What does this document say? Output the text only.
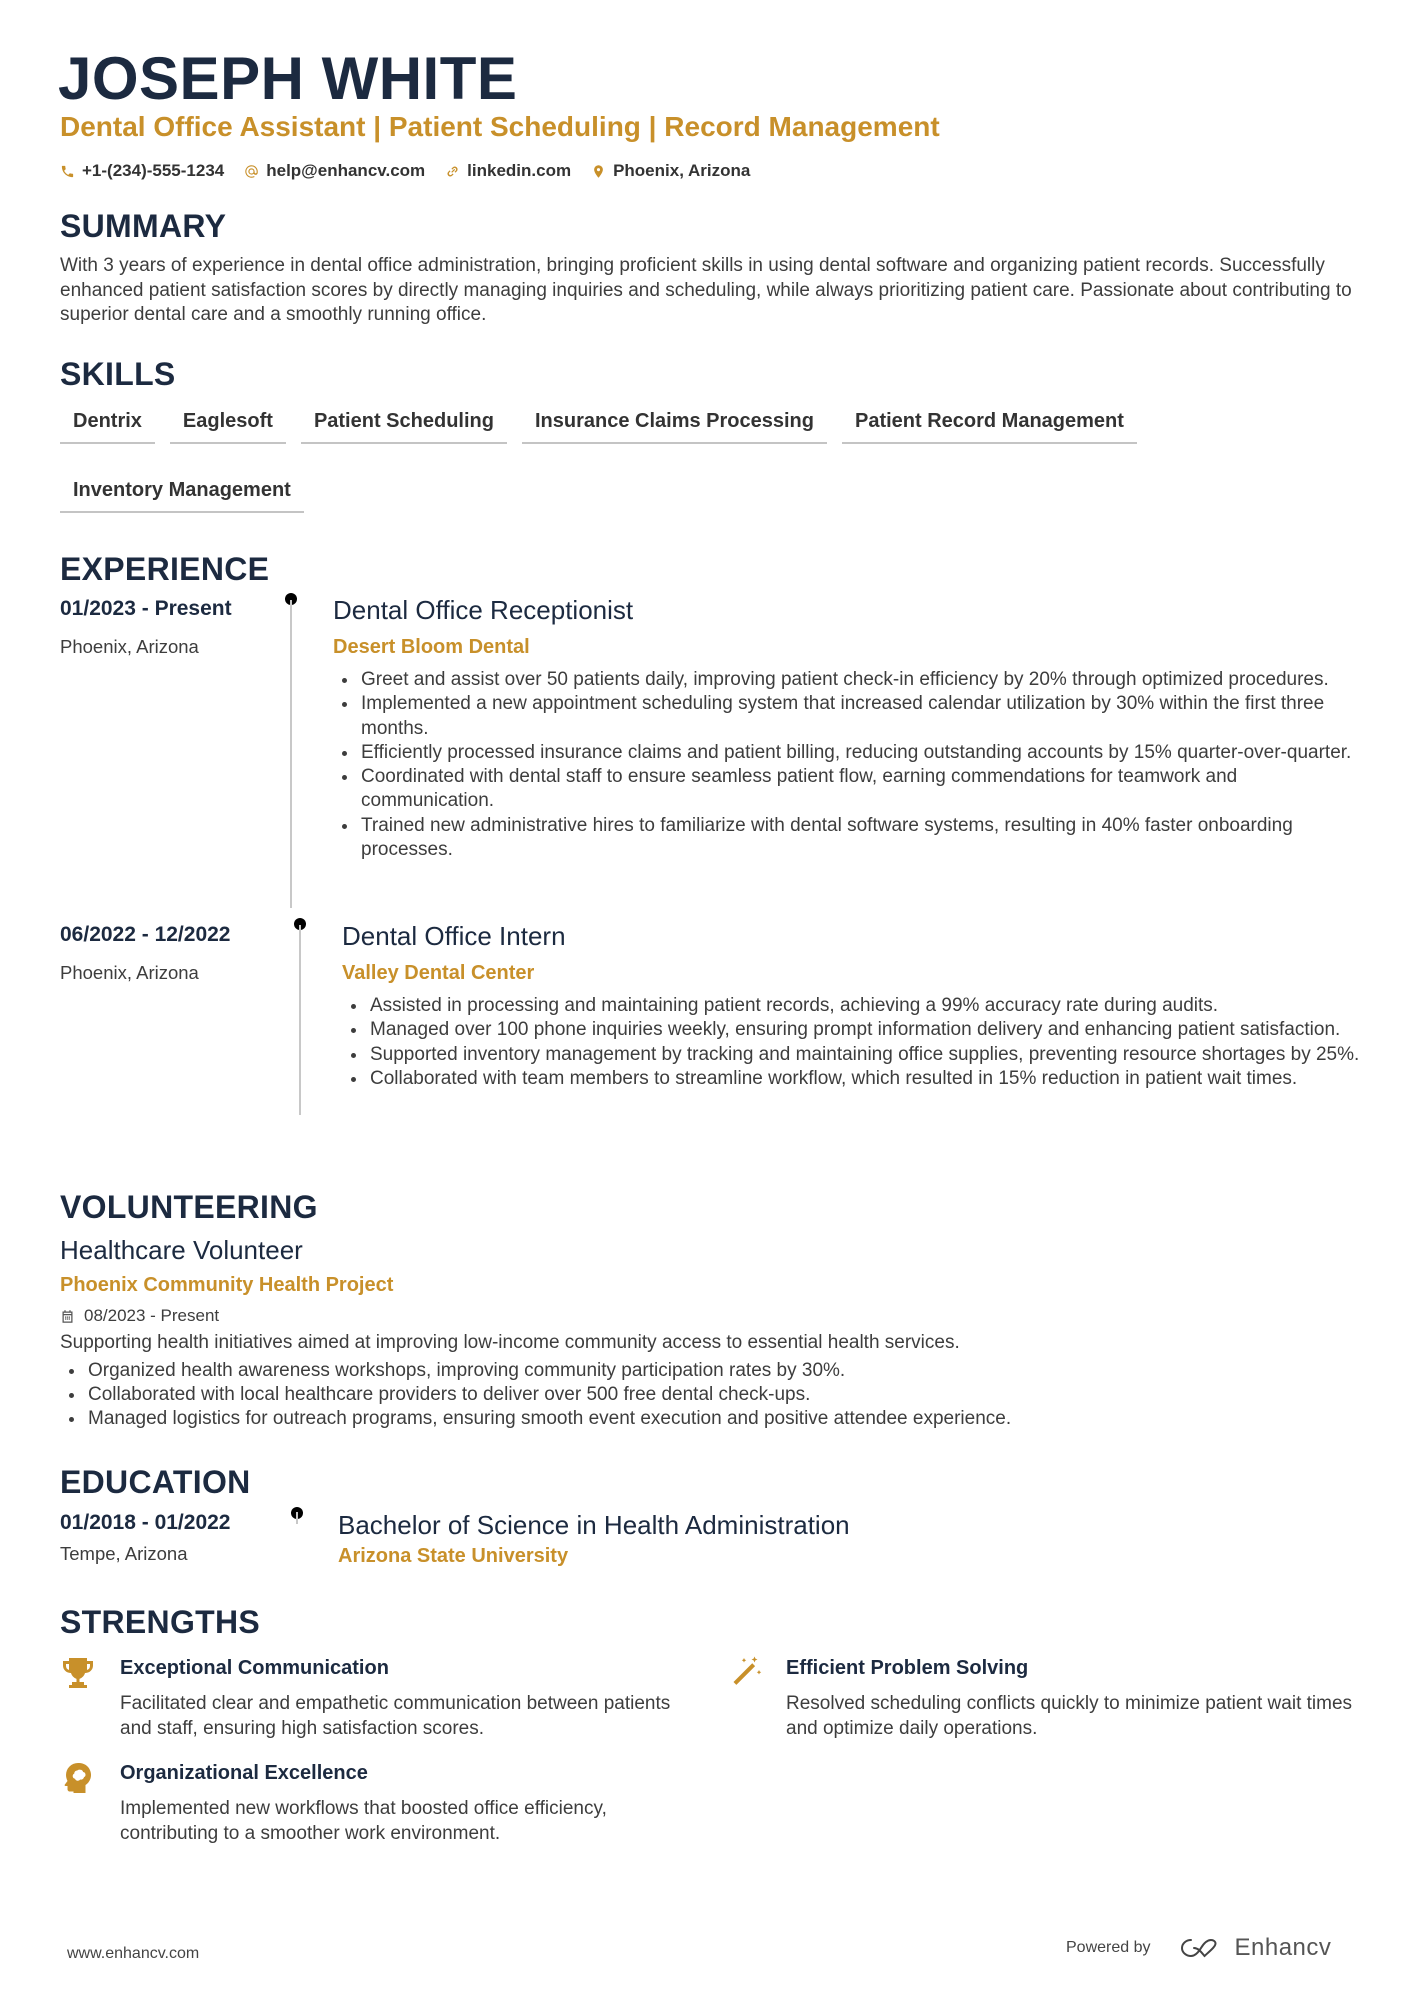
JOSEPH WHITE
Dental Office Assistant | Patient Scheduling | Record Management
+1-(234)-555-1234 help@enhancv.com linkedin.com Phoenix, Arizona
SUMMARY
With 3 years of experience in dental office administration, bringing proficient skills in using dental software and organizing patient records. Successfully enhanced patient satisfaction scores by directly managing inquiries and scheduling, while always prioritizing patient care. Passionate about contributing to superior dental care and a smoothly running office.
SKILLS
Dentrix	Eaglesoft	Patient Scheduling	Insurance Claims Processing	Patient Record Management
Inventory Management
EXPERIENCE
01/2023 - Present
Phoenix, Arizona
Dental Office Receptionist
Desert Bloom Dental
Greet and assist over 50 patients daily, improving patient check-in efficiency by 20% through optimized procedures.
Implemented a new appointment scheduling system that increased calendar utilization by 30% within the first three months.
Efficiently processed insurance claims and patient billing, reducing outstanding accounts by 15% quarter-over-quarter.
Coordinated with dental staff to ensure seamless patient flow, earning commendations for teamwork and communication.
Trained new administrative hires to familiarize with dental software systems, resulting in 40% faster onboarding processes.
06/2022 - 12/2022
Phoenix, Arizona
Dental Office Intern
Valley Dental Center
Assisted in processing and maintaining patient records, achieving a 99% accuracy rate during audits.
Managed over 100 phone inquiries weekly, ensuring prompt information delivery and enhancing patient satisfaction.
Supported inventory management by tracking and maintaining office supplies, preventing resource shortages by 25%.
Collaborated with team members to streamline workflow, which resulted in 15% reduction in patient wait times.
VOLUNTEERING
Healthcare Volunteer
Phoenix Community Health Project
08/2023 - Present
Supporting health initiatives aimed at improving low-income community access to essential health services.
Organized health awareness workshops, improving community participation rates by 30%.
Collaborated with local healthcare providers to deliver over 500 free dental check-ups.
Managed logistics for outreach programs, ensuring smooth event execution and positive attendee experience.
EDUCATION
01/2018 - 01/2022
Tempe, Arizona
Bachelor of Science in Health Administration
Arizona State University
STRENGTHS
Exceptional Communication
Facilitated clear and empathetic communication between patients and staff, ensuring high satisfaction scores.
Efficient Problem Solving
Resolved scheduling conflicts quickly to minimize patient wait times and optimize daily operations.
Organizational Excellence
Implemented new workflows that boosted office efficiency, contributing to a smoother work environment.
www.enhancv.com	Powered by	Enhancv
